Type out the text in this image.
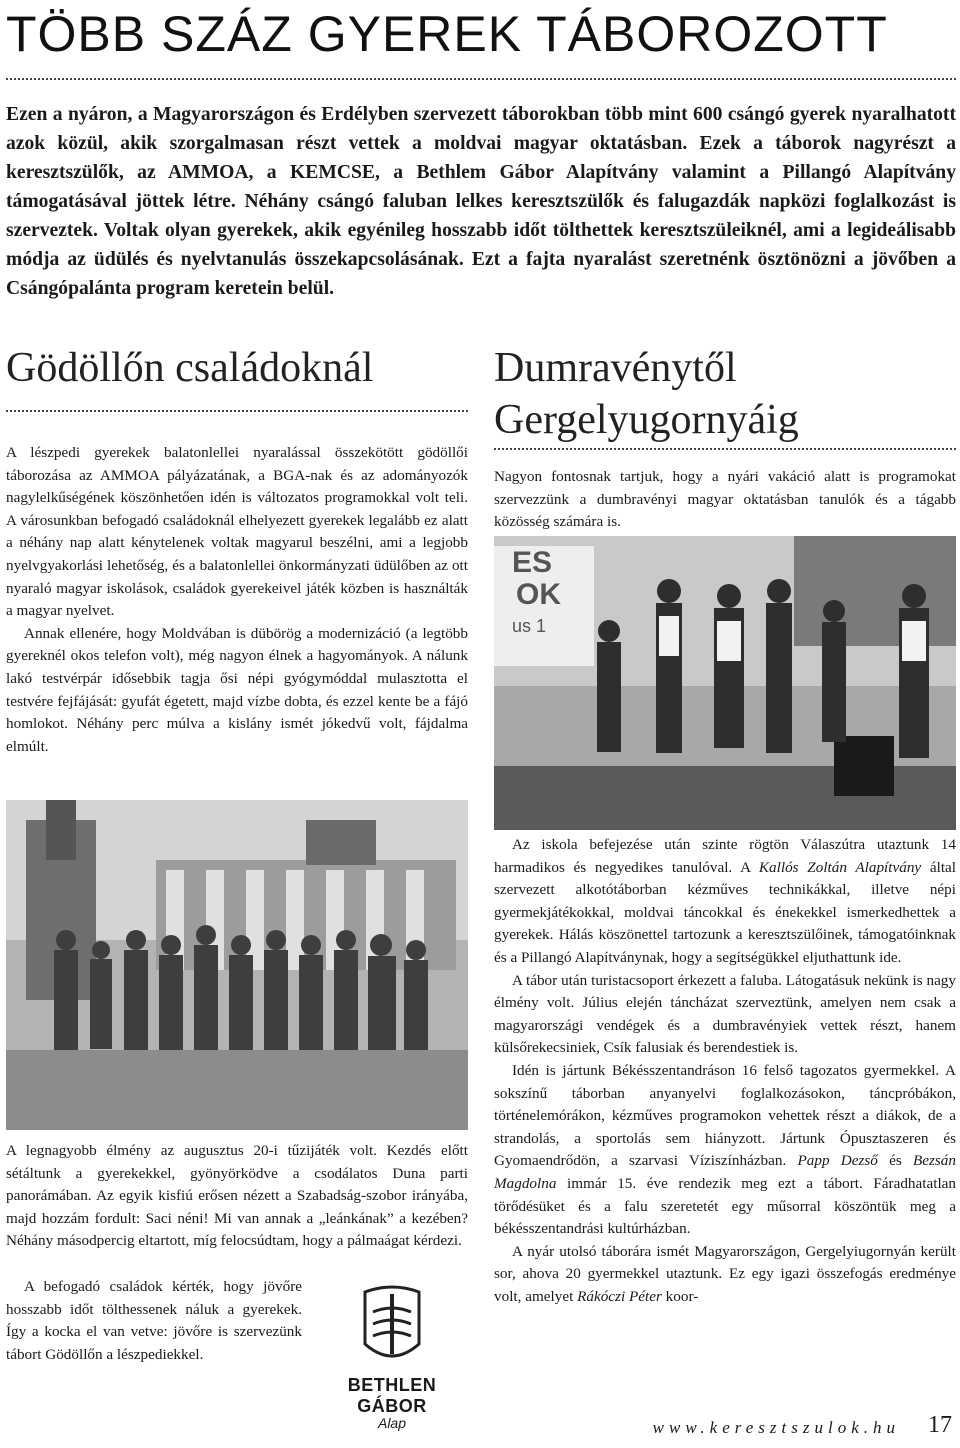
TÖBB SZÁZ GYEREK TÁBOROZOTT

Ezen a nyáron, a Magyarországon és Erdélyben szervezett táborokban több mint 600 csángó gyerek nyaralhatott azok közül, akik szorgalmasan részt vettek a moldvai magyar oktatásban. Ezek a táborok nagyrészt a keresztszülők, az AMMOA, a KEMCSE, a Bethlem Gábor Alapítvány valamint a Pillangó Alapítvány támogatásával jöttek létre. Néhány csángó faluban lelkes keresztszülők és falugazdák napközi foglalkozást is szerveztek. Voltak olyan gyerekek, akik egyénileg hosszabb időt tölthettek keresztszüleiknél, ami a legideálisabb módja az üdülés és nyelvtanulás összekapcsolásának. Ezt a fajta nyaralást szeretnénk ösztönözni a jövőben a Csángópalánta program keretein belül.

Gödöllőn családoknál

A lészpedi gyerekek balatonlellei nyaralással összekötött gödöllői táborozása az AMMOA pályázatának, a BGA-nak és az adományozók nagylelkűségének köszönhetően idén is változatos programokkal volt teli. A városunkban befogadó családoknál elhelyezett gyerekek legalább ez alatt a néhány nap alatt kénytelenek voltak magyarul beszélni, ami a legjobb nyelvgyakorlási lehetőség, és a balatonlellei önkormányzati üdülőben az ott nyaraló magyar iskolások, családok gyerekeivel játék közben is használták a magyar nyelvet.

Annak ellenére, hogy Moldvában is dübörög a modernizáció (a legtöbb gyereknél okos telefon volt), még nagyon élnek a hagyományok. A nálunk lakó testvérpár idősebbik tagja ősi népi gyógymóddal mulasztotta el testvére fejfájását: gyufát égetett, majd vízbe dobta, és ezzel kente be a fájó homlokot. Néhány perc múlva a kislány ismét jókedvű volt, fájdalma elmúlt.

A legnagyobb élmény az augusztus 20-i tűzijáték volt. Kezdés előtt sétáltunk a gyerekekkel, gyönyörködve a csodálatos Duna parti panorámában. Az egyik kisfiú erősen nézett a Szabadság-szobor irányába, majd hozzám fordult: Saci néni! Mi van annak a „leánkának” a kezében? Néhány másodpercig eltartott, míg felocsúdtam, hogy a pálmaágat kérdezi.

A befogadó családok kérték, hogy jövőre hosszabb időt tölthessenek náluk a gyerekek. Így a kocka el van vetve: jövőre is szervezünk tábort Gödöllőn a lészpediekkel.

BETHLEN GÁBOR
Alap
Dumravénytől
Gergelyugornyáig

Nagyon fontosnak tartjuk, hogy a nyári vakáció alatt is programokat szervezzünk a dumbravényi magyar oktatásban tanulók és a tágabb közösség számára is.

ES
OK
us 1

Az iskola befejezése után szinte rögtön Válaszútra utaztunk 14 harmadikos és negyedikes tanulóval. A Kallós Zoltán Alapítvány által szervezett alkotótáborban kézműves technikákkal, illetve népi gyermekjátékokkal, moldvai táncokkal és énekekkel ismerkedhettek a gyerekek. Hálás köszönettel tartozunk a keresztszülőinek, támogatóinknak és a Pillangó Alapítványnak, hogy a segítségükkel eljuthattunk ide.

A tábor után turistacsoport érkezett a faluba. Látogatásuk nekünk is nagy élmény volt. Július elején táncházat szerveztünk, amelyen nem csak a magyarországi vendégek és a dumbravényiek vettek részt, hanem külsőrekecsiniek, Csík falusiak és berendestiek is.

Idén is jártunk Békésszentandráson 16 felső tagozatos gyermekkel. A sokszínű táborban anyanyelvi foglalkozásokon, táncpróbákon, történelemórákon, kézműves programokon vehettek részt a diákok, de a strandolás, a sportolás sem hiányzott. Jártunk Ópusztaszeren és Gyomaendrődön, a szarvasi Víziszínházban. Papp Dezső és Bezsán Magdolna immár 15. éve rendezik meg ezt a tábort. Fáradhatatlan törődésüket és a falu szeretetét egy műsorral köszöntük meg a békésszentandrási kultúrházban.

A nyár utolsó táborára ismét Magyarországon, Gergelyiugornyán került sor, ahova 20 gyermekkel utaztunk. Ez egy igazi összefogás eredménye volt, amelyet Rákóczi Péter koor-

www.keresztszulok.hu 17
